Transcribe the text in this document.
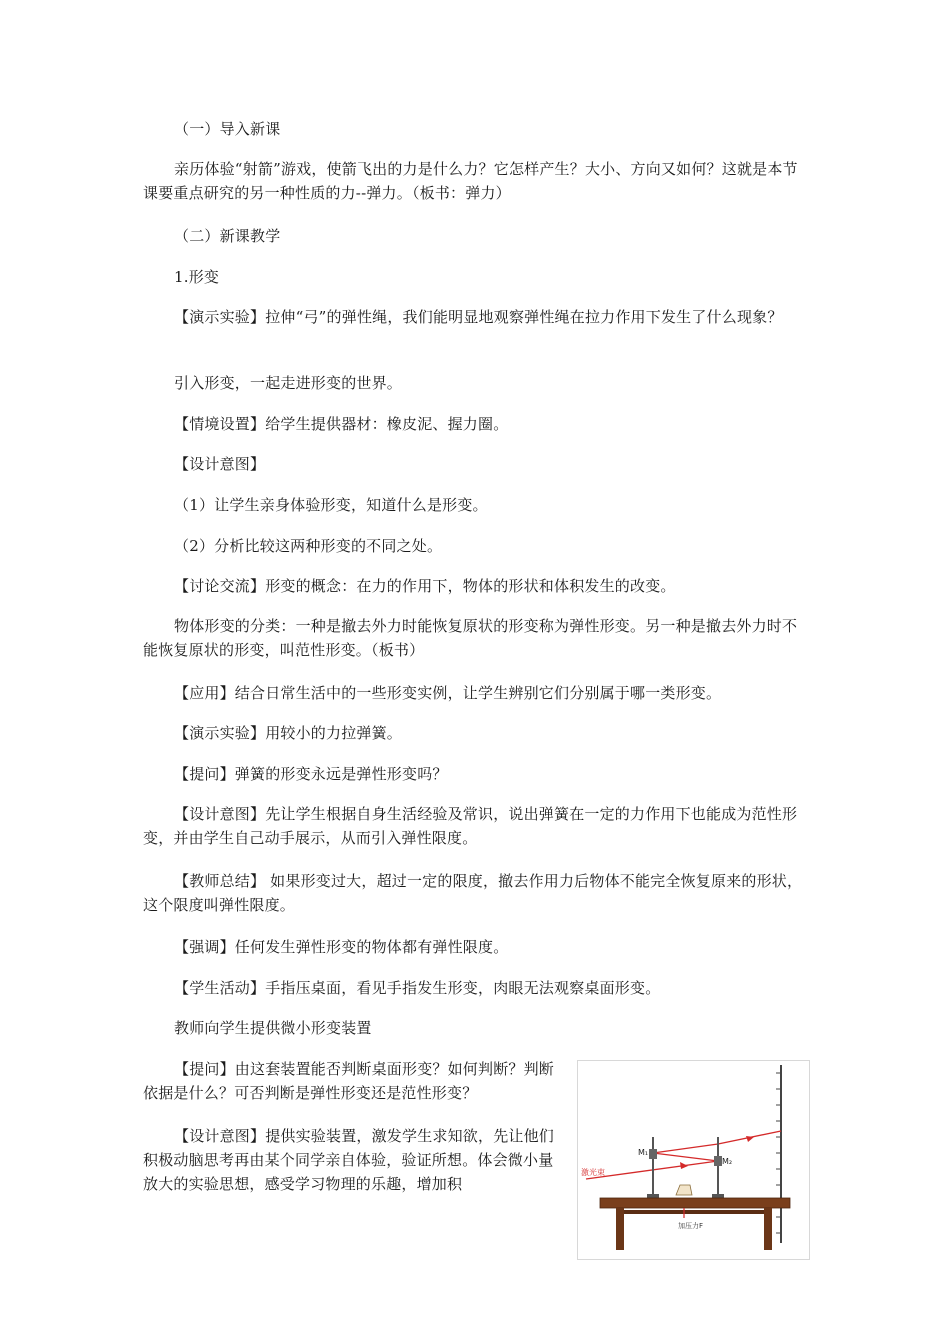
（一）导入新课

亲历体验“射箭”游戏，使箭飞出的力是什么力？它怎样产生？大小、方向又如何？这就是本节课要重点研究的另一种性质的力--弹力。（板书：弹力）

（二）新课教学

1.形变

【演示实验】拉伸“弓”的弹性绳，我们能明显地观察弹性绳在拉力作用下发生了什么现象？

引入形变，一起走进形变的世界。

【情境设置】给学生提供器材：橡皮泥、握力圈。

【设计意图】

（1）让学生亲身体验形变，知道什么是形变。

（2）分析比较这两种形变的不同之处。

【讨论交流】形变的概念：在力的作用下，物体的形状和体积发生的改变。

物体形变的分类：一种是撤去外力时能恢复原状的形变称为弹性形变。另一种是撤去外力时不能恢复原状的形变，叫范性形变。（板书）

【应用】结合日常生活中的一些形变实例，让学生辨别它们分别属于哪一类形变。

【演示实验】用较小的力拉弹簧。

【提问】弹簧的形变永远是弹性形变吗？

【设计意图】先让学生根据自身生活经验及常识，说出弹簧在一定的力作用下也能成为范性形变，并由学生自己动手展示，从而引入弹性限度。

【教师总结】 如果形变过大，超过一定的限度，撤去作用力后物体不能完全恢复原来的形状，这个限度叫弹性限度。

【强调】任何发生弹性形变的物体都有弹性限度。

【学生活动】手指压桌面，看见手指发生形变，肉眼无法观察桌面形变。

教师向学生提供微小形变装置

【提问】由这套装置能否判断桌面形变？如何判断？判断依据是什么？可否判断是弹性形变还是范性形变？

【设计意图】提供实验装置，激发学生求知欲，先让他们积极动脑思考再由某个同学亲自体验，验证所想。体会微小量放大的实验思想，感受学习物理的乐趣，增加积

M₁
M₂
激光束
加压力F
